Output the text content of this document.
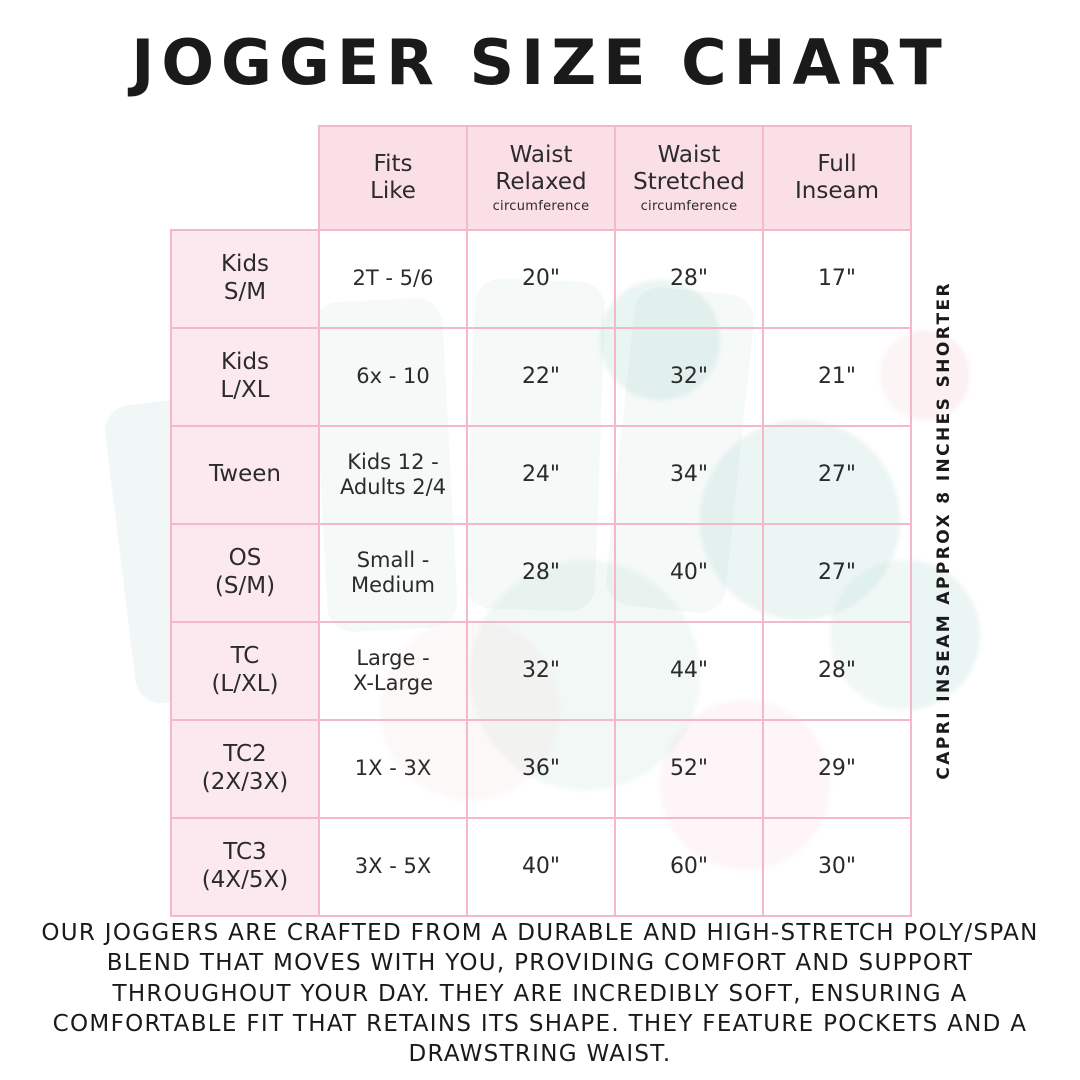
JOGGER SIZE CHART
	Fits
Like	Waist
Relaxed
circumference	Waist
Stretched
circumference	Full
Inseam
Kids
S/M	2T - 5/6	20"	28"	17"
Kids
L/XL	6x - 10	22"	32"	21"
Tween	Kids 12 -
Adults 2/4	24"	34"	27"
OS
(S/M)	Small -
Medium	28"	40"	27"
TC
(L/XL)	Large -
X-Large	32"	44"	28"
TC2
(2X/3X)	1X - 3X	36"	52"	29"
TC3
(4X/5X)	3X - 5X	40"	60"	30"
CAPRI INSEAM APPROX 8 INCHES SHORTER
OUR JOGGERS ARE CRAFTED FROM A DURABLE AND HIGH-STRETCH POLY/SPAN BLEND THAT MOVES WITH YOU, PROVIDING COMFORT AND SUPPORT THROUGHOUT YOUR DAY. THEY ARE INCREDIBLY SOFT, ENSURING A COMFORTABLE FIT THAT RETAINS ITS SHAPE. THEY FEATURE POCKETS AND A DRAWSTRING WAIST.
